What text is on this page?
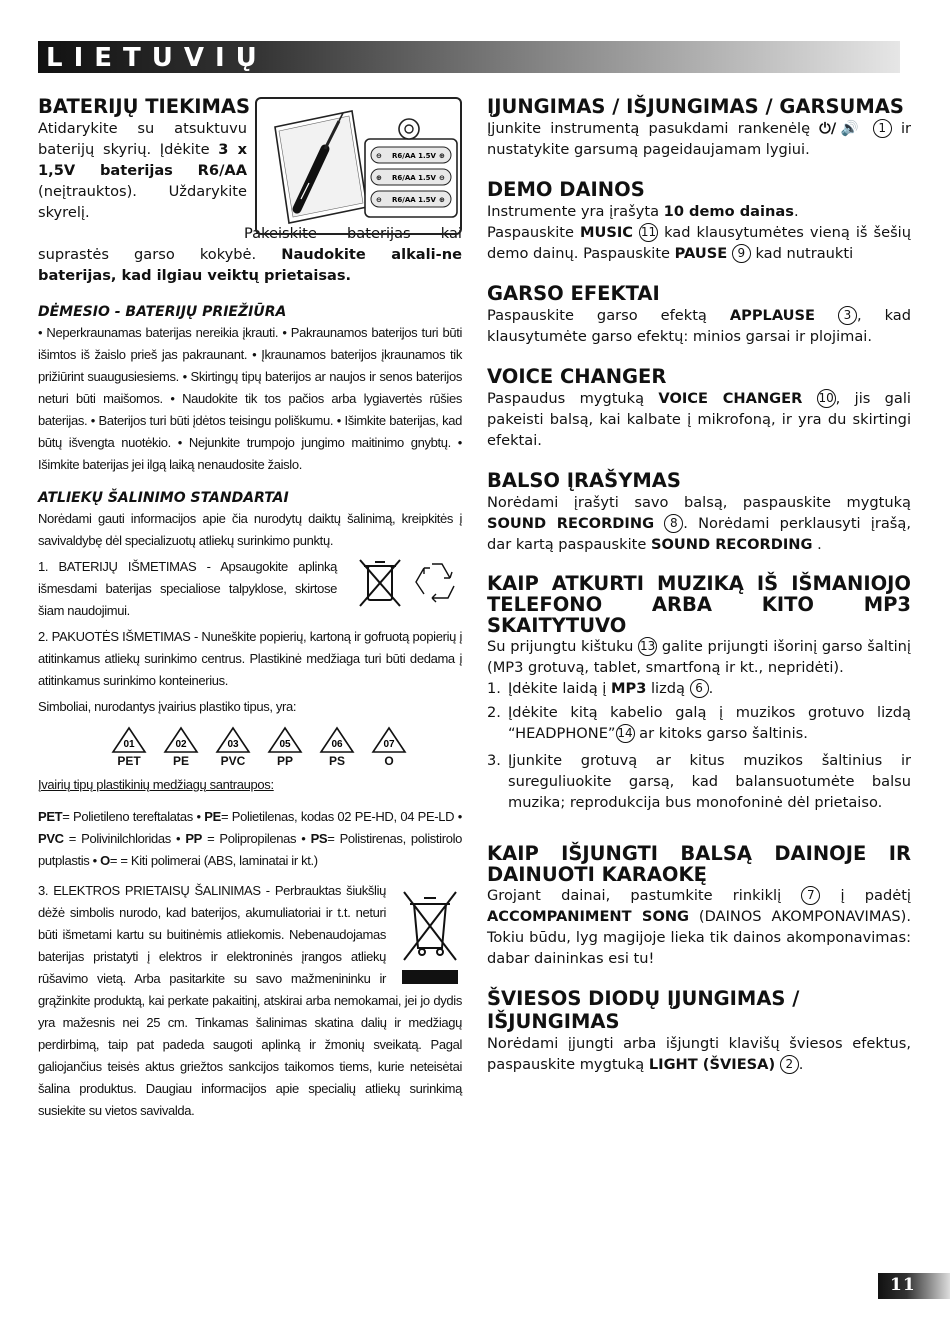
LIETUVIŲ
⊖ R6/AA 1.5V ⊕
⊕ R6/AA 1.5V ⊖
⊖ R6/AA 1.5V ⊕
BATERIJŲ TIEKIMAS

Atidarykite su atsuktuvu baterijų skyrių. Įdėkite 3 x 1,5V baterijas R6/AA (neįtrauktos). Uždarykite skyrelį.

Pakeiskite baterijas kai suprastės garso kokybė. Naudokite alkali-ne baterijas, kad ilgiau veiktų prietaisas.

DĖMESIO - BATERIJŲ PRIEŽIŪRA

• Neperkraunamas baterijas nereikia įkrauti. • Pakraunamos baterijos turi būti išimtos iš žaislo prieš jas pakraunant. • Įkraunamos baterijos įkraunamos tik prižiūrint suaugusiesiems. • Skirtingų tipų baterijos ar naujos ir senos baterijos neturi būti maišomos. • Naudokite tik tos pačios arba lygiavertės rūšies baterijas. • Baterijos turi būti įdėtos teisingu poliškumu. • Išimkite baterijas, kad būtų išvengta nuotėkio. • Nejunkite trumpojo jungimo maitinimo gnybtų. • Išimkite baterijas jei ilgą laiką nenaudosite žaislo.

ATLIEKŲ ŠALINIMO STANDARTAI

Norėdami gauti informacijos apie čia nurodytų daiktų šalinimą, kreipkitės į savivaldybę dėl specializuotų atliekų surinkimo punktų.

1. BATERIJŲ IŠMETIMAS - Apsaugokite aplinką išmesdami baterijas specialiose talpyklose, skirtose šiam naudojimui.

2. PAKUOTĖS IŠMETIMAS - Nuneškite popierių, kartoną ir gofruotą popierių į atitinkamus atliekų surinkimo centrus. Plastikinė medžiaga turi būti dedama į atitinkamus surinkimo konteinerius.

Simboliai, nurodantys įvairius plastiko tipus, yra:

01
PET
02
PE
03
PVC
05
PP
06
PS
07
O

Įvairių tipų plastikinių medžiagų santraupos:

PET= Polietileno tereftalatas • PE= Polietilenas, kodas 02 PE-HD, 04 PE-LD • PVC = Polivinilchloridas • PP = Polipropilenas • PS= Polistirenas, polistirolo putplastis • O= = Kiti polimerai (ABS, laminatai ir kt.)

3. ELEKTROS PRIETAISŲ ŠALINIMAS - Perbrauktas šiukšlių dėžė simbolis nurodo, kad baterijos, akumuliatoriai ir t.t. neturi būti išmetami kartu su buitinėmis atliekomis. Nebenaudojamas baterijas pristatyti į elektros ir elektroninės įrangos atliekų rūšavimo vietą. Arba pasitarkite su savo mažmenininku ir grąžinkite produktą, kai perkate pakaitinį, atskirai arba nemokamai, jei jo dydis yra mažesnis nei 25 cm. Tinkamas šalinimas skatina dalių ir medžiagų perdirbimą, taip pat padeda saugoti aplinką ir žmonių sveikatą. Pagal galiojančius teisės aktus griežtos sankcijos taikomos tiems, kurie neteisėtai šalina produktus. Daugiau informacijos apie specialių atliekų surinkimą susiekite su vietos savivalda.

ĮJUNGIMAS / IŠJUNGIMAS / GARSUMAS

Įjunkite instrumentą pasukdami rankenėlę ⏻/🔊 1 ir nustatykite garsumą pageidaujamam lygiui.

DEMO DAINOS

Instrumente yra įrašyta 10 demo dainas.
Paspauskite MUSIC 11 kad klausytumėtes vieną iš šešių demo dainų. Paspauskite PAUSE 9 kad nutraukti

GARSO EFEKTAI

Paspauskite garso efektą APPLAUSE 3 , kad klausytumėte garso efektų: minios garsai ir plojimai.

VOICE CHANGER

Paspaudus mygtuką VOICE CHANGER 10 , jis gali pakeisti balsą, kai kalbate į mikrofoną, ir yra du skirtingi efektai.

BALSO ĮRAŠYMAS

Norėdami įrašyti savo balsą, paspauskite mygtuką SOUND RECORDING 8 . Norėdami perklausyti įrašą, dar kartą paspauskite SOUND RECORDING .

KAIP ATKURTI MUZIKĄ IŠ IŠMANIOJO TELEFONO ARBA KITO MP3 SKAITYTUVO

Su prijungtu kištuku 13 galite prijungti išorinį garso šaltinį (MP3 grotuvą, tablet, smartfoną ir kt., nepridėti).

1. Įdėkite laidą į MP3 lizdą 6 .
2. Įdėkite kitą kabelio galą į muzikos grotuvo lizdą “HEADPHONE” 14 ar kitoks garso šaltinis.
3. Įjunkite grotuvą ar kitus muzikos šaltinius ir sureguliuokite garsą, kad balansuotumėte balsu muzika; reprodukcija bus monofoninė dėl prietaiso.
KAIP IŠJUNGTI BALSĄ DAINOJE IR DAINUOTI KARAOKĘ

Grojant dainai, pastumkite rinkiklį 7 į padėtį ACCOMPANIMENT SONG (DAINOS AKOMPONAVIMAS). Tokiu būdu, lyg magijoje lieka tik dainos akomponavimas: dabar daininkas esi tu!

ŠVIESOS DIODŲ ĮJUNGIMAS / IŠJUNGIMAS

Norėdami įjungti arba išjungti klavišų šviesos efektus, paspauskite mygtuką LIGHT (ŠVIESA) 2 .

11
